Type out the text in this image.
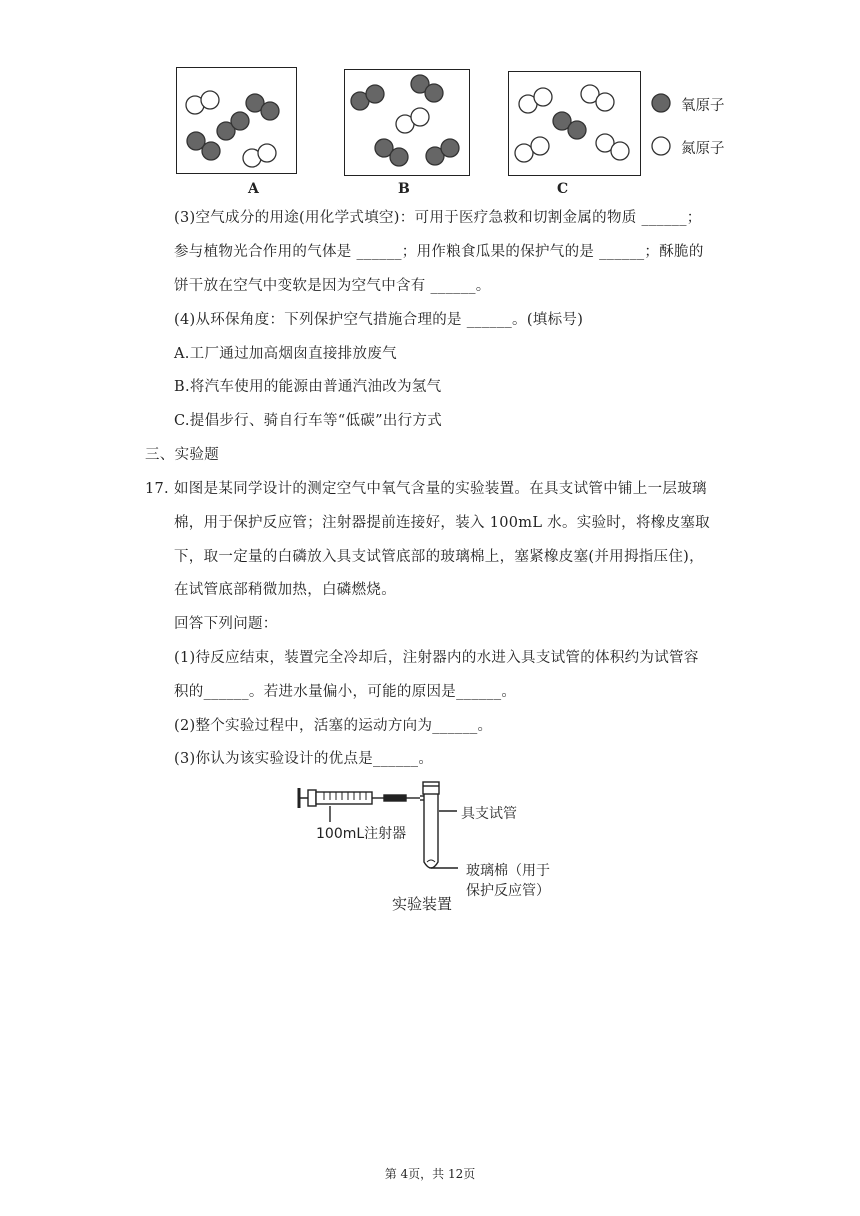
A	B	C
氧原子
氮原子
(3)空气成分的用途(用化学式填空)：可用于医疗急救和切割金属的物质 ______；
参与植物光合作用的气体是 ______；用作粮食瓜果的保护气的是 ______；酥脆的
饼干放在空气中变软是因为空气中含有 ______。
(4)从环保角度：下列保护空气措施合理的是 ______。(填标号)
A.工厂通过加高烟囱直接排放废气
B.将汽车使用的能源由普通汽油改为氢气
C.提倡步行、骑自行车等“低碳”出行方式
三、实验题
17. 如图是某同学设计的测定空气中氧气含量的实验装置。在具支试管中铺上一层玻璃
棉，用于保护反应管；注射器提前连接好，装入 100mL 水。实验时，将橡皮塞取
下，取一定量的白磷放入具支试管底部的玻璃棉上，塞紧橡皮塞(并用拇指压住)，
在试管底部稍微加热，白磷燃烧。
回答下列问题：
(1)待反应结束，装置完全冷却后，注射器内的水进入具支试管的体积约为试管容
积的______。若进水量偏小，可能的原因是______。
(2)整个实验过程中，活塞的运动方向为______。
(3)你认为该实验设计的优点是______。
100mL注射器
具支试管
玻璃棉（用于
保护反应管）
实验装置
第 4页，共 12页
